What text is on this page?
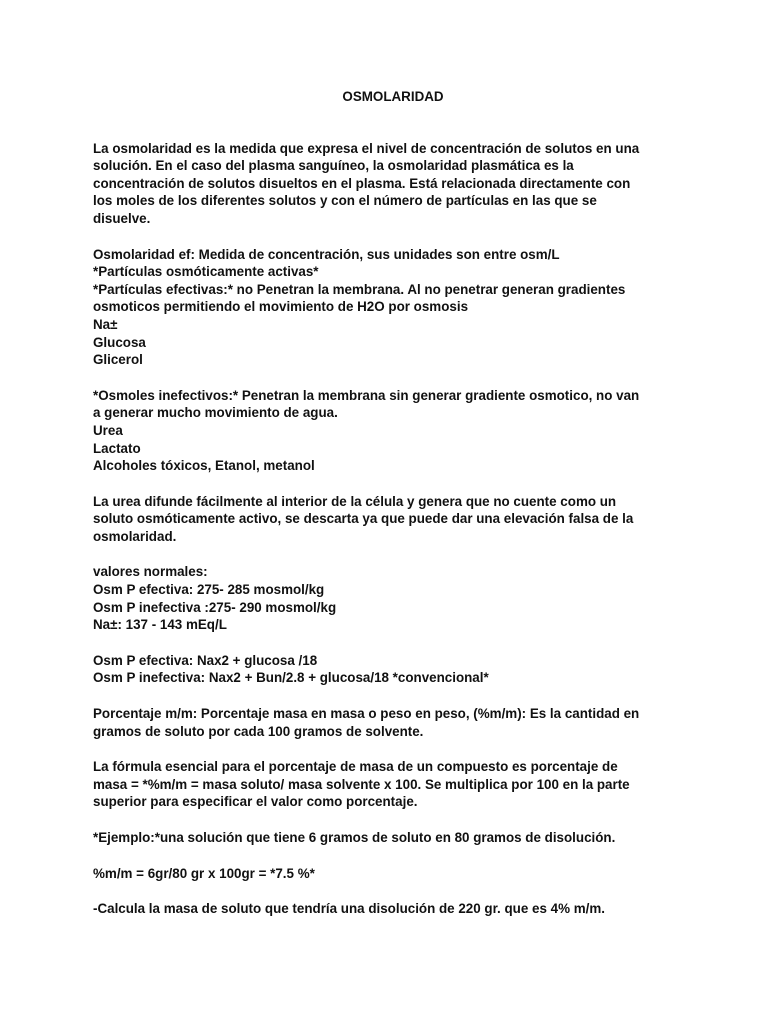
OSMOLARIDAD
La osmolaridad es la medida que expresa el nivel de concentración de solutos en una
solución. En el caso del plasma sanguíneo, la osmolaridad plasmática es la
concentración de solutos disueltos en el plasma. Está relacionada directamente con
los moles de los diferentes solutos y con el número de partículas en las que se
disuelve.
Osmolaridad ef: Medida de concentración, sus unidades son entre osm/L
*Partículas osmóticamente activas*
*Partículas efectivas:* no Penetran la membrana. Al no penetrar generan gradientes
osmoticos permitiendo el movimiento de H2O por osmosis
Na±
Glucosa
Glicerol
*Osmoles inefectivos:* Penetran la membrana sin generar gradiente osmotico, no van
a generar mucho movimiento de agua.
Urea
Lactato
Alcoholes tóxicos, Etanol, metanol
La urea difunde fácilmente al interior de la célula y genera que no cuente como un
soluto osmóticamente activo, se descarta ya que puede dar una elevación falsa de la
osmolaridad.
valores normales:
Osm P efectiva: 275- 285 mosmol/kg
Osm P inefectiva :275- 290 mosmol/kg
Na±: 137 - 143 mEq/L
Osm P efectiva: Nax2 + glucosa /18
Osm P inefectiva: Nax2 + Bun/2.8 + glucosa/18 *convencional*
Porcentaje m/m: Porcentaje masa en masa o peso en peso, (%m/m): Es la cantidad en
gramos de soluto por cada 100 gramos de solvente.
La fórmula esencial para el porcentaje de masa de un compuesto es porcentaje de
masa = *%m/m = masa soluto/ masa solvente x 100. Se multiplica por 100 en la parte
superior para especificar el valor como porcentaje.
*Ejemplo:*una solución que tiene 6 gramos de soluto en 80 gramos de disolución.
%m/m = 6gr/80 gr x 100gr = *7.5 %*
-Calcula la masa de soluto que tendría una disolución de 220 gr. que es 4% m/m.
